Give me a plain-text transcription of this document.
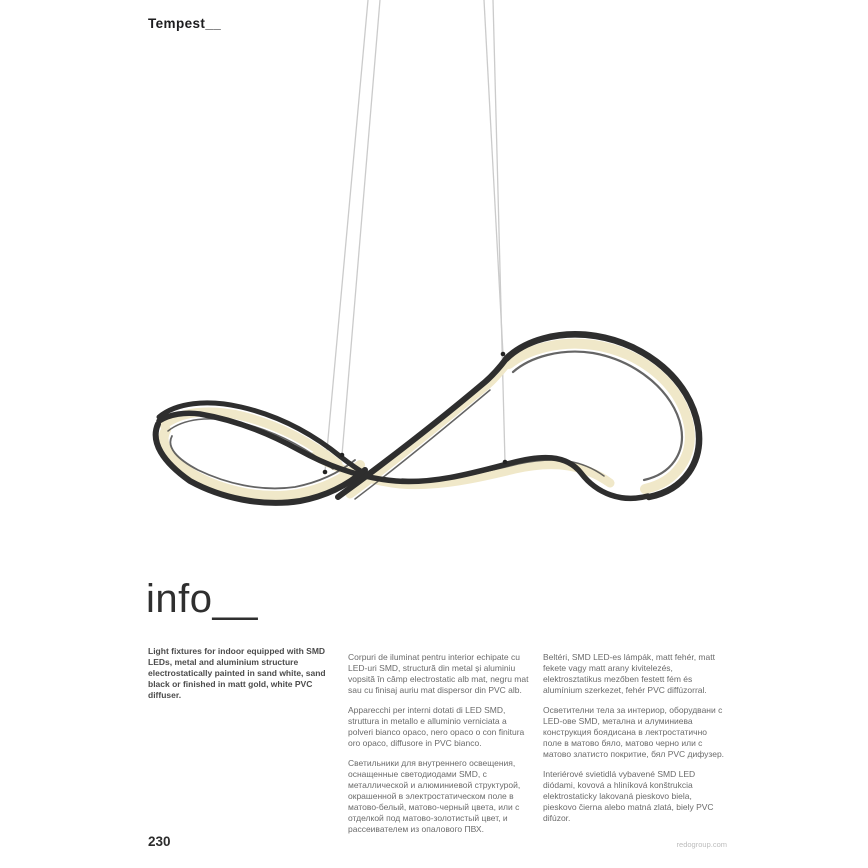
Tempest__
info__

Light fixtures for indoor equipped with SMD LEDs, metal and aluminium structure electrostatically painted in sand white, sand black or finished in matt gold, white PVC diffuser.

Corpuri de iluminat pentru interior echipate cu LED-uri SMD, structură din metal și aluminiu vopsită în câmp electrostatic alb mat, negru mat sau cu finisaj auriu mat dispersor din PVC alb.

Apparecchi per interni dotati di LED SMD, struttura in metallo e alluminio verniciata a polveri bianco opaco, nero opaco o con finitura oro opaco, diffusore in PVC bianco.

Светильники для внутреннего освещения, оснащенные светодиодами SMD, с металлической и алюминиевой структурой, окрашенной в электростатическом поле в матово-белый, матово-черный цвета, или с отделкой под матово-золотистый цвет, и рассеивателем из опалового ПВХ.

Beltéri, SMD LED-es lámpák, matt fehér, matt fekete vagy matt arany kivitelezés, elektrosztatikus mezőben festett fém és alumínium szerkezet, fehér PVC diffúzorral.

Осветителни тела за интериор, оборудвани с LED-ове SMD, метална и алуминиева конструкция боядисана в лектростатично поле в матово бяло, матово черно или с матово златисто покритие, бял PVC дифузер.

Interiérové svietidlá vybavené SMD LED diódami, kovová a hliníková konštrukcia elektrostaticky lakovaná pieskovo biela, pieskovo čierna alebo matná zlatá, biely PVC difúzor.

230	redogroup.com
